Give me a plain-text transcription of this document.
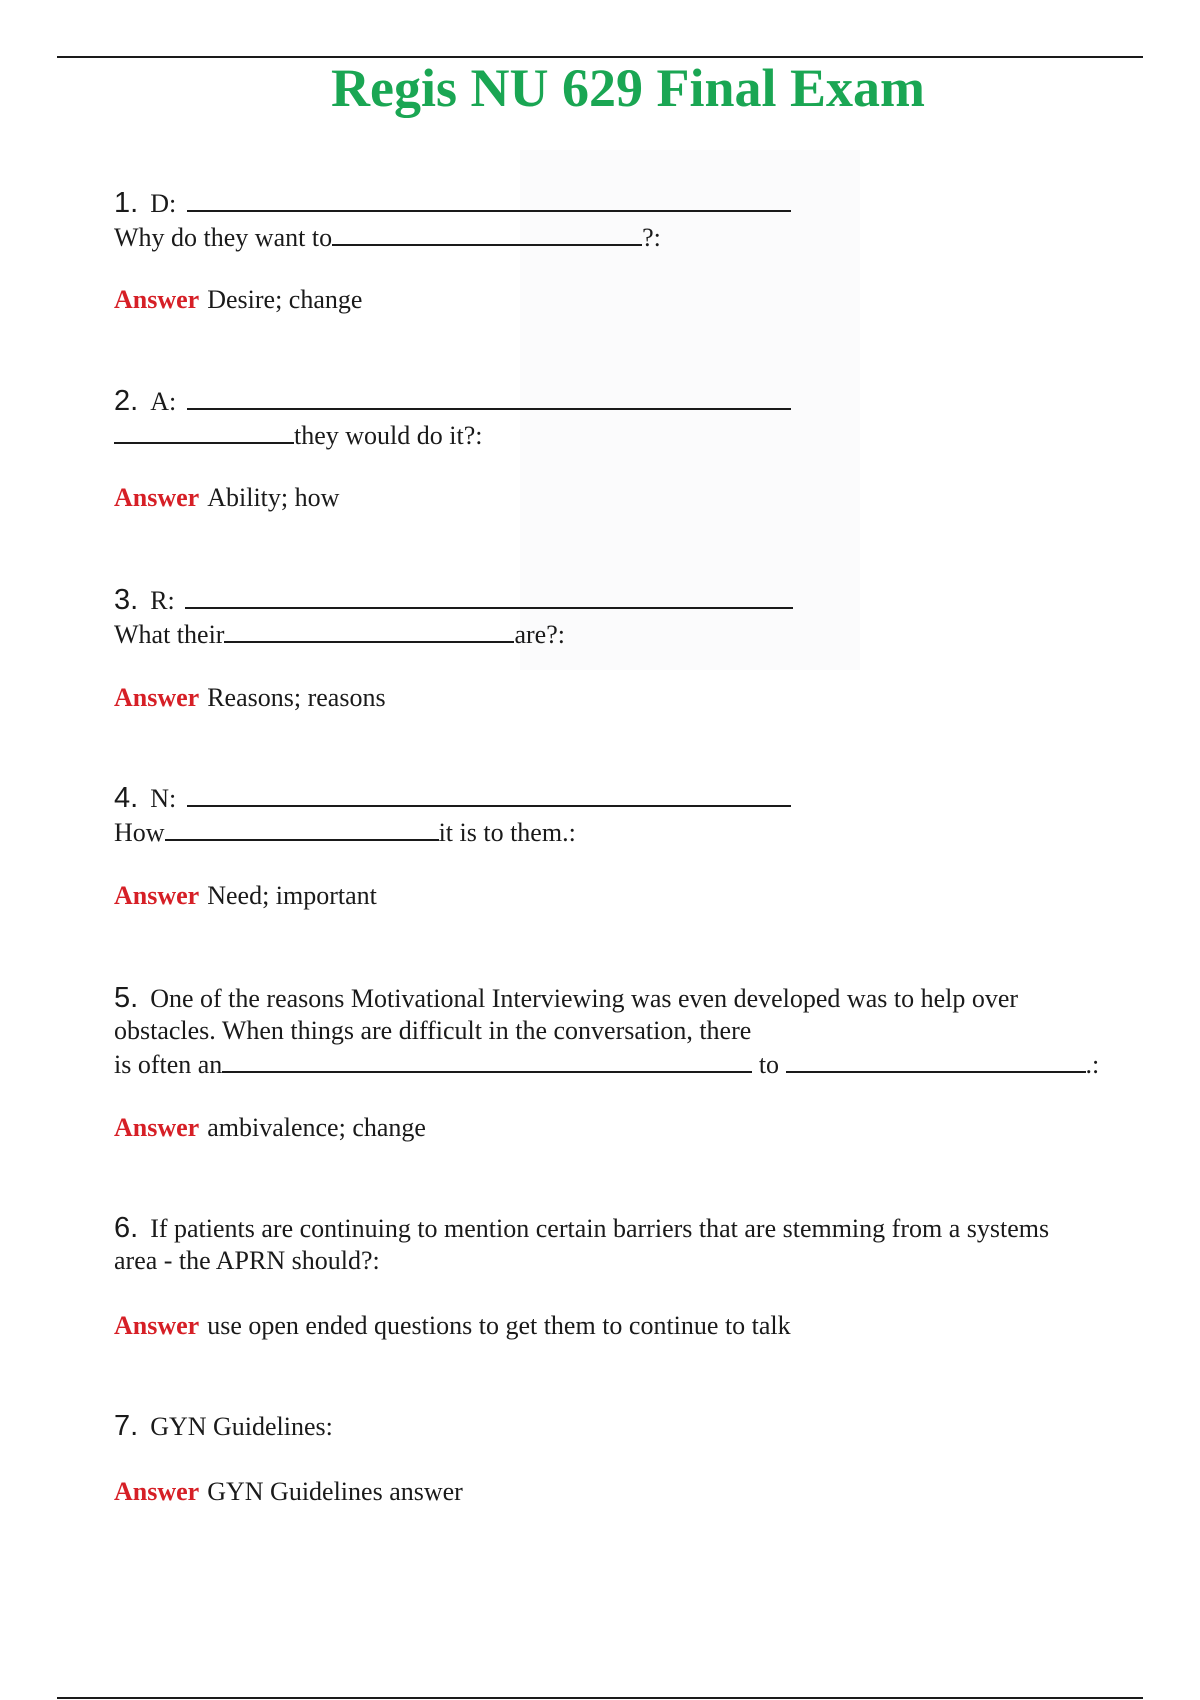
Regis NU 629 Final Exam
1. D:
Why do they want to	?:
Answer Desire; change
2. A:
they would do it?:
Answer Ability; how
3. R:
What their	are?:
Answer Reasons; reasons
4. N:
How	it is to them.:
Answer Need; important
5. One of the reasons Motivational Interviewing was even developed was to help over
obstacles. When things are difficult in the conversation, there
is often an	to	.:
Answer ambivalence; change
6. If patients are continuing to mention certain barriers that are stemming from a systems
area - the APRN should?:
Answer use open ended questions to get them to continue to talk
7. GYN Guidelines:
Answer GYN Guidelines answer
